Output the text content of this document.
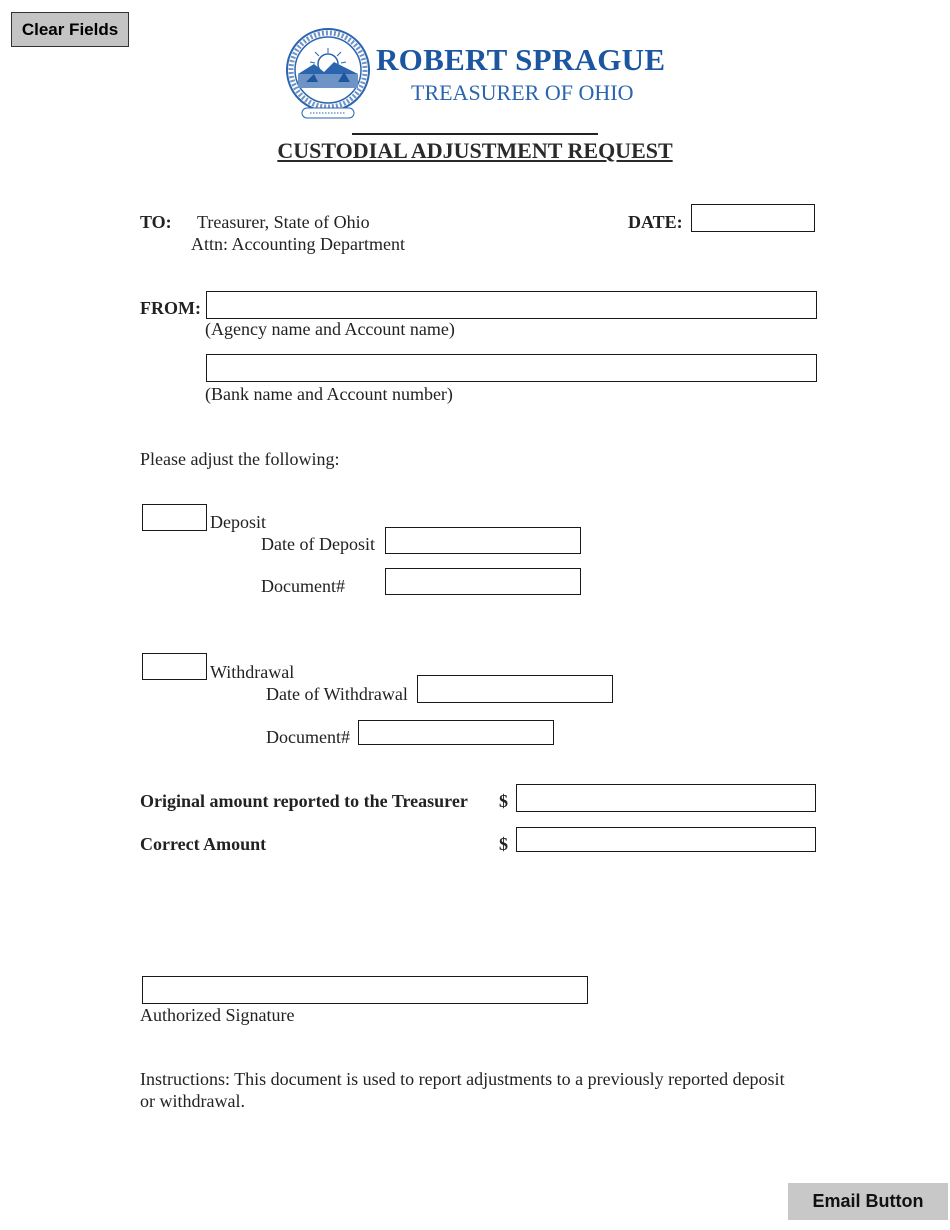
Clear Fields
Email Button
ROBERT SPRAGUE
TREASURER OF OHIO
CUSTODIAL ADJUSTMENT REQUEST
TO: Treasurer, State of Ohio
Attn: Accounting Department
DATE:
FROM:
(Agency name and Account name)
(Bank name and Account number)
Please adjust the following:
Deposit
Date of Deposit
Document#
Withdrawal
Date of Withdrawal
Document#
Original amount reported to the Treasurer $
Correct Amount	$
Authorized Signature
Instructions: This document is used to report adjustments to a previously reported deposit
or withdrawal.
